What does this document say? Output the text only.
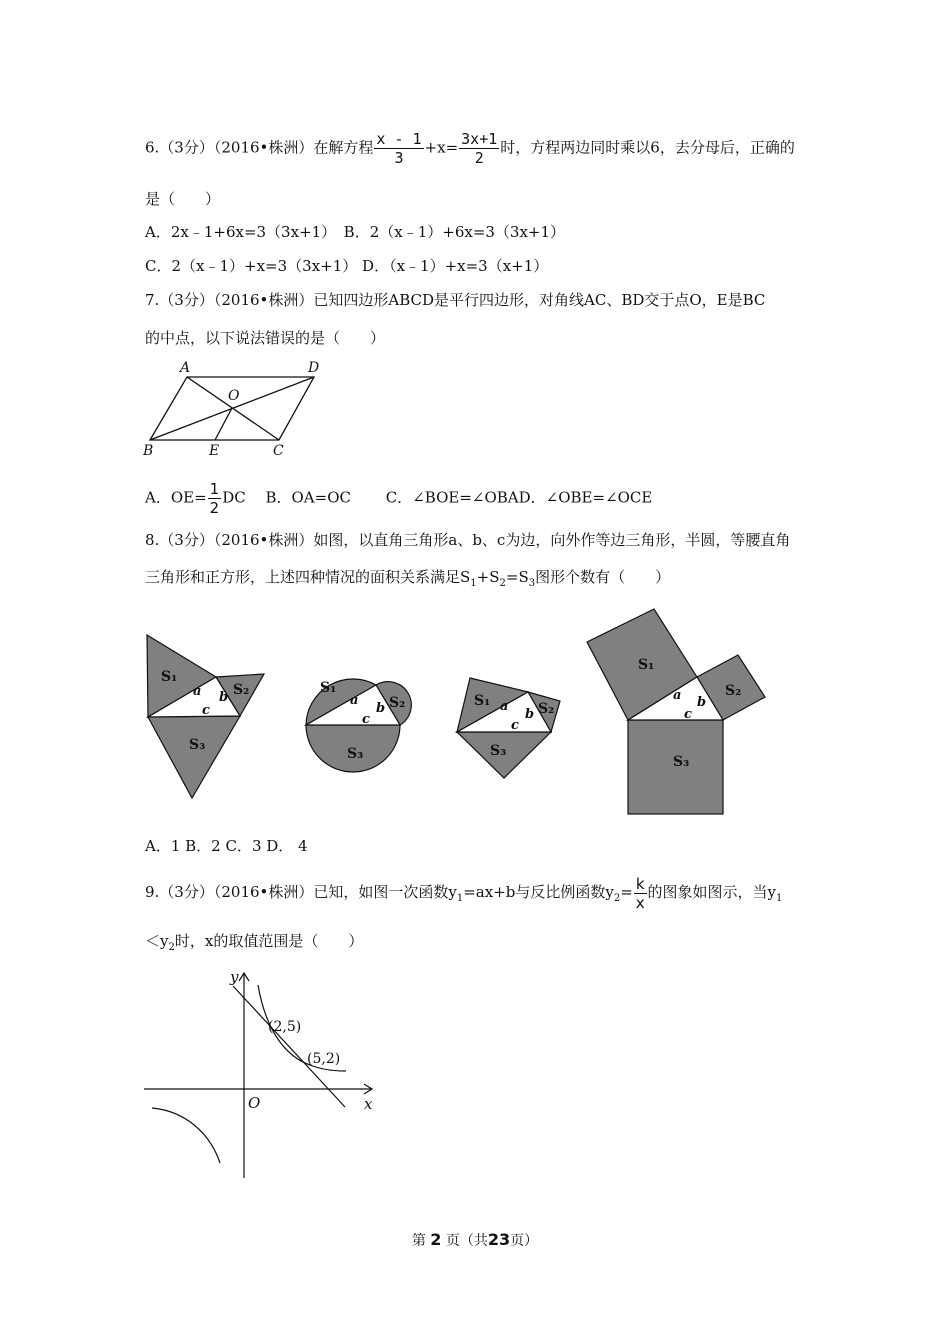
6.（3分）（2016•株洲）在解方程 $\frac{x - 1}{3} +x= \frac{3x+1}{2}$ 时，方程两边同时乘以6，去分母后，正确的
是（　　）
A．2x﹣1+6x=3（3x+1）　B．2（x﹣1）+6x=3（3x+1）
C．2（x﹣1）+x=3（3x+1） D．（x﹣1）+x=3（x+1）
7.（3分）（2016•株洲）已知四边形ABCD是平行四边形，对角线AC、BD交于点O，E是BC
的中点，以下说法错误的是（　　）
A	D
O
B	E	C
A．$OE= \frac{1}{2}$ DC　 B．OA=OC　　 C．∠BOE=∠OBAD．∠OBE=∠OCE
8.（3分）（2016•株洲）如图，以直角三角形a、b、c为边，向外作等边三角形，半圆，等腰直角
三角形和正方形，上述四种情况的面积关系满足$S_1+S_2=S_3$图形个数有（　　）
S₁
S₂
S₃
a b
c
S₁
S₂
S₃
a
b
c
S₁	S₂
S₃
a
b
c
S₁
S₂
S₃
a b
c
A．1 B．2 C．3 D． 4
9.（3分）（2016•株洲）已知，如图一次函数$y_1=ax+b$与反比例函数$y_2= \frac{k}{x}$ 的图象如图示，当$y_1$
$<y_2$时，x的取值范围是（　　）
y
x
O
(2,5)
(5,2)
第 2 页（共23页）
